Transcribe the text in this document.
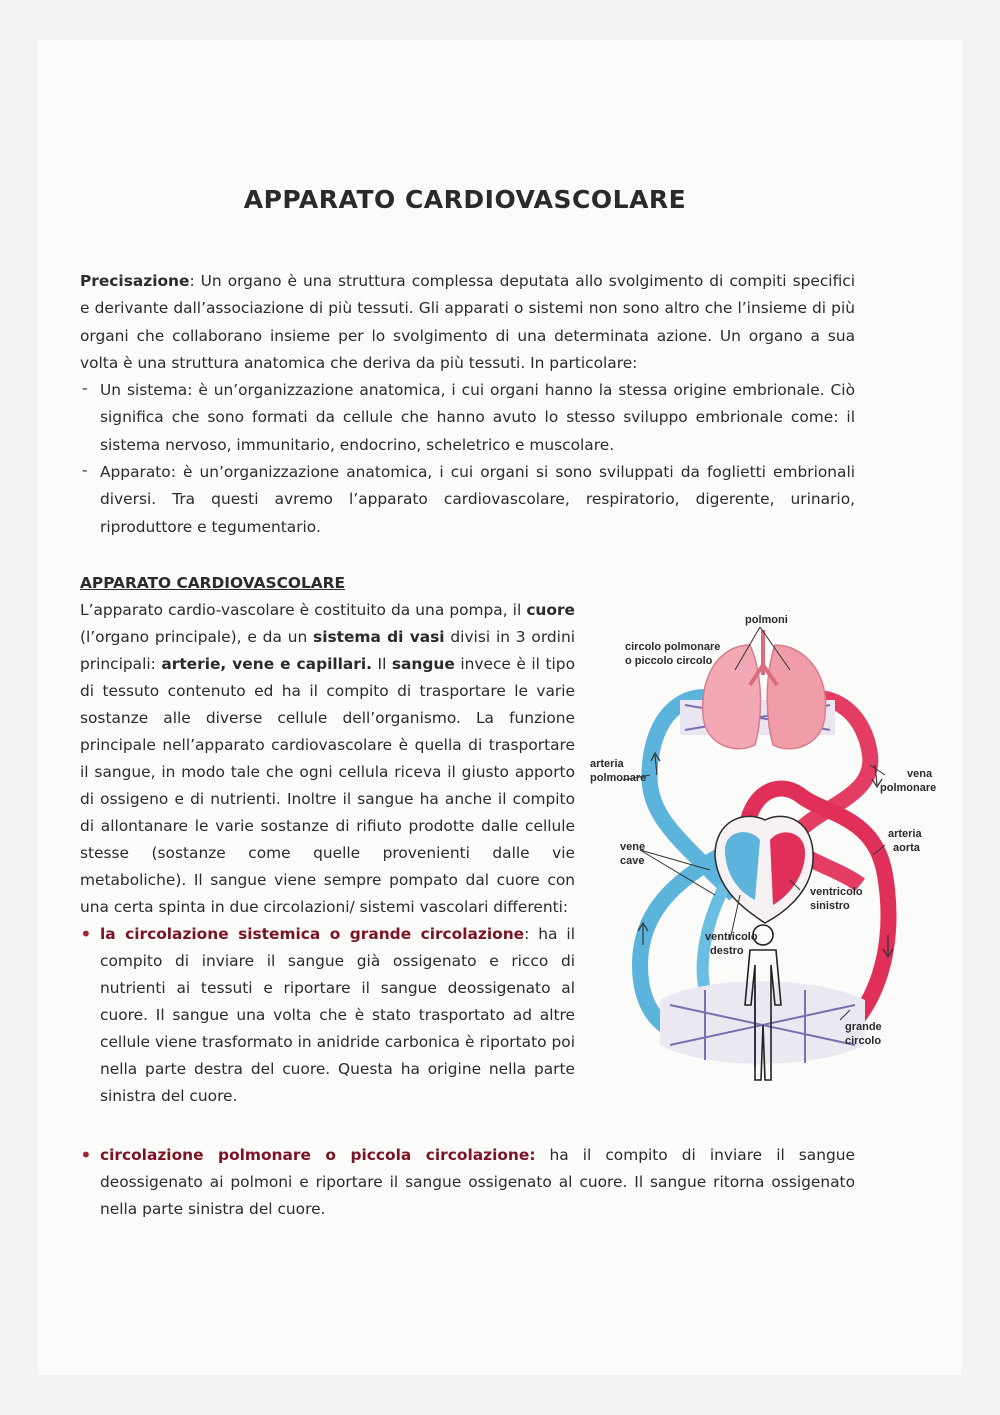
APPARATO CARDIOVASCOLARE

Precisazione: Un organo è una struttura complessa deputata allo svolgimento di compiti specifici e derivante dall’associazione di più tessuti. Gli apparati o sistemi non sono altro che l’insieme di più organi che collaborano insieme per lo svolgimento di una determinata azione. Un organo a sua volta è una struttura anatomica che deriva da più tessuti. In particolare:

- Un sistema: è un’organizzazione anatomica, i cui organi hanno la stessa origine embrionale. Ciò significa che sono formati da cellule che hanno avuto lo stesso sviluppo embrionale come: il sistema nervoso, immunitario, endocrino, scheletrico e muscolare.
- Apparato: è un’organizzazione anatomica, i cui organi si sono sviluppati da foglietti embrionali diversi. Tra questi avremo l’apparato cardiovascolare, respiratorio, digerente, urinario, riproduttore e tegumentario.
APPARATO CARDIOVASCOLARE

L’apparato cardio-vascolare è costituito da una pompa, il cuore (l’organo principale), e da un sistema di vasi divisi in 3 ordini principali: arterie, vene e capillari. Il sangue invece è il tipo di tessuto contenuto ed ha il compito di trasportare le varie sostanze alle diverse cellule dell’organismo. La funzione principale nell’apparato cardiovascolare è quella di trasportare il sangue, in modo tale che ogni cellula riceva il giusto apporto di ossigeno e di nutrienti. Inoltre il sangue ha anche il compito di allontanare le varie sostanze di rifiuto prodotte dalle cellule stesse (sostanze come quelle provenienti dalle vie metaboliche). Il sangue viene sempre pompato dal cuore con una certa spinta in due circolazioni/ sistemi vascolari differenti:

• la circolazione sistemica o grande circolazione: ha il compito di inviare il sangue già ossigenato e ricco di nutrienti ai tessuti e riportare il sangue deossigenato al cuore. Il sangue una volta che è stato trasportato ad altre cellule viene trasformato in anidride carbonica è riportato poi nella parte destra del cuore. Questa ha origine nella parte sinistra del cuore.
• circolazione polmonare o piccola circolazione: ha il compito di inviare il sangue deossigenato ai polmoni e riportare il sangue ossigenato al cuore. Il sangue ritorna ossigenato nella parte sinistra del cuore.
polmoni
circolo polmonare
o piccolo circolo
arteria
polmonare	vena
polmonare
arteria
aorta
vene
cave
ventricolo
sinistro
ventricolo
destro
grande
circolo
